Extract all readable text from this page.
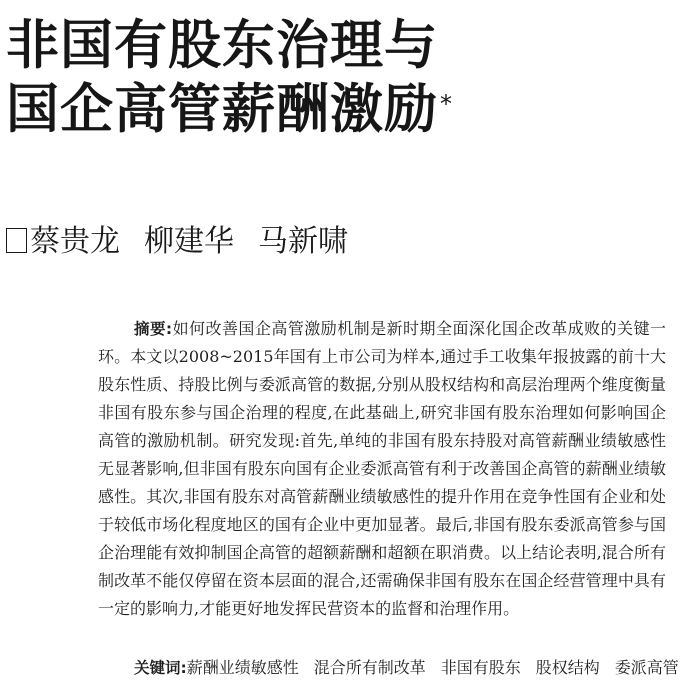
非国有股东治理与
国企高管薪酬激励*
蔡贵龙 柳建华 马新啸
摘要:如何改善国企高管激励机制是新时期全面深化国企改革成败的关键一环。本文以2008~2015年国有上市公司为样本,通过手工收集年报披露的前十大股东性质、持股比例与委派高管的数据,分别从股权结构和高层治理两个维度衡量非国有股东参与国企治理的程度,在此基础上,研究非国有股东治理如何影响国企高管的激励机制。研究发现:首先,单纯的非国有股东持股对高管薪酬业绩敏感性无显著影响,但非国有股东向国有企业委派高管有利于改善国企高管的薪酬业绩敏感性。其次,非国有股东对高管薪酬业绩敏感性的提升作用在竞争性国有企业和处于较低市场化程度地区的国有企业中更加显著。最后,非国有股东委派高管参与国企治理能有效抑制国企高管的超额薪酬和超额在职消费。以上结论表明,混合所有制改革不能仅停留在资本层面的混合,还需确保非国有股东在国企经营管理中具有一定的影响力,才能更好地发挥民营资本的监督和治理作用。
关键词:薪酬业绩敏感性 混合所有制改革 非国有股东 股权结构 委派高管
